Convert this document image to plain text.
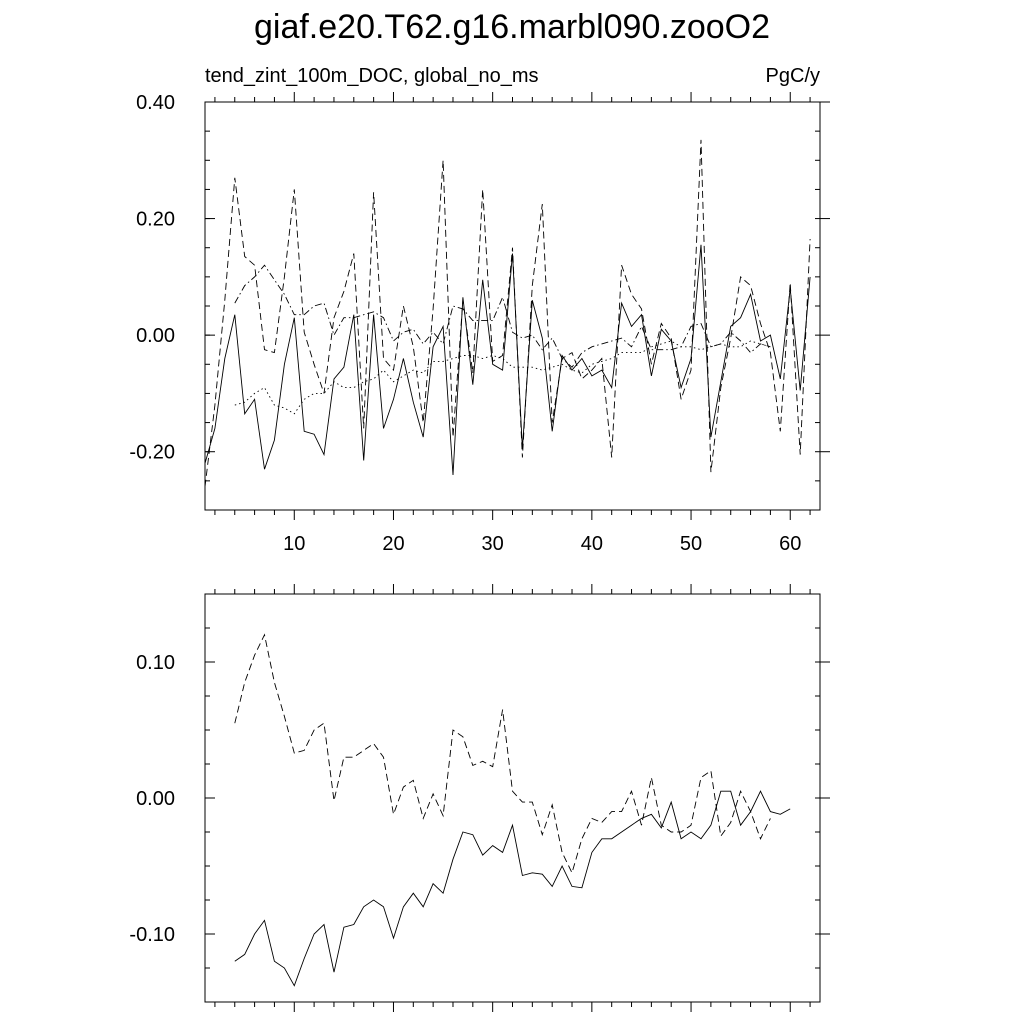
giaf.e20.T62.g16.marbl090.zooO2
tend_zint_100m_DOC, global_no_ms	PgC/y
0.40
0.20
0.00
-0.20
10	20	30	40	50	60
0.10
0.00
-0.10
